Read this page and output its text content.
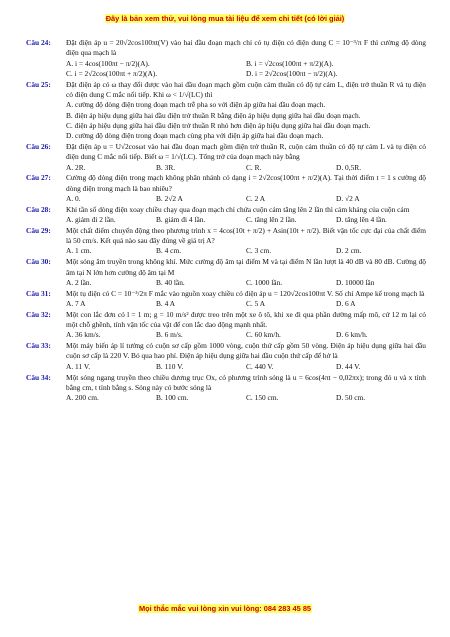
Đây là bản xem thử, vui lòng mua tài liệu để xem chi tiết (có lời giải)
Câu 24:	Đặt điện áp u = 20√2cos100πt(V) vào hai đầu đoạn mạch chỉ có tụ điện có điện dung C = 10⁻³/π F thì cường độ dòng điện qua mạch là
A. i = 4cos(100πt − π/2)(A).	B. i = √2cos(100πt + π/2)(A).
C. i = 2√2cos(100πt + π/2)(A).	D. i = 2√2cos(100πt − π/2)(A).
Câu 25:	Đặt điện áp có ω thay đổi được vào hai đầu đoạn mạch gồm cuộn cảm thuần có độ tự cảm L, điện trở thuần R và tụ điện có điện dung C mắc nối tiếp. Khi ω < 1/√(LC) thì
A. cường độ dòng điện trong đoạn mạch trễ pha so với điện áp giữa hai đầu đoạn mạch.
B. điện áp hiệu dụng giữa hai đầu điện trở thuần R bằng điện áp hiệu dụng giữa hai đầu đoạn mạch.
C. điện áp hiệu dụng giữa hai đầu điện trở thuần R nhỏ hơn điện áp hiệu dụng giữa hai đầu đoạn mạch.
D. cường độ dòng điện trong đoạn mạch cùng pha với điện áp giữa hai đầu đoạn mạch.
Câu 26:	Đặt điện áp u = U√2cosωt vào hai đầu đoạn mạch gồm điện trở thuần R, cuộn cảm thuần có độ tự cảm L và tụ điện có điện dung C mắc nối tiếp. Biết ω = 1/√(LC). Tổng trở của đoạn mạch này bằng
A. 2R.	B. 3R.	C. R.	D. 0,5R.
Câu 27:	Cường độ dòng điện trong mạch không phân nhánh có dạng i = 2√2cos(100πt + π/2)(A). Tại thời điểm t = 1 s cường độ dòng điện trong mạch là bao nhiêu?
A. 0.	B. 2√2 A	C. 2 A	D. √2 A
Câu 28:	Khi tần số dòng điện xoay chiều chạy qua đoạn mạch chỉ chứa cuộn cảm tăng lên 2 lần thì cảm kháng của cuộn cảm
A. giảm đi 2 lần.	B. giảm đi 4 lần.	C. tăng lên 2 lần.	D. tăng lên 4 lần.
Câu 29:	Một chất điểm chuyển động theo phương trình x = 4cos(10t + π/2) + Asin(10t + π/2). Biết vận tốc cực đại của chất điểm là 50 cm/s. Kết quả nào sau đây đúng về giá trị A?
A. 1 cm.	B. 4 cm.	C. 3 cm.	D. 2 cm.
Câu 30:	Một sóng âm truyền trong không khí. Mức cường độ âm tại điểm M và tại điểm N lần lượt là 40 dB và 80 dB. Cường độ âm tại N lớn hơn cường độ âm tại M
A. 2 lần.	B. 40 lần.	C. 1000 lần.	D. 10000 lần
Câu 31:	Một tụ điện có C = 10⁻³/2π F mắc vào nguồn xoay chiều có điện áp u = 120√2cos100πt V. Số chỉ Ampe kế trong mạch là
A. 7 A	B. 4 A	C. 5 A	D. 6 A
Câu 32:	Một con lắc đơn có l = 1 m; g = 10 m/s² được treo trên một xe ô tô, khi xe đi qua phần đường mấp mô, cứ 12 m lại có một chỗ ghềnh, tính vận tốc của vật để con lắc dao động mạnh nhất.
A. 36 km/s.	B. 6 m/s.	C. 60 km/h.	D. 6 km/h.
Câu 33:	Một máy biến áp lí tưởng có cuộn sơ cấp gồm 1000 vòng, cuộn thứ cấp gồm 50 vòng. Điện áp hiệu dụng giữa hai đầu cuộn sơ cấp là 220 V. Bỏ qua hao phí. Điện áp hiệu dụng giữa hai đầu cuộn thứ cấp để hở là
A. 11 V.	B. 110 V.	C. 440 V.	D. 44 V.
Câu 34:	Một sóng ngang truyền theo chiều dương trục Ox, có phương trình sóng là u = 6cos(4πt − 0,02πx); trong đó u và x tính bằng cm, t tính bằng s. Sóng này có bước sóng là
A. 200 cm.	B. 100 cm.	C. 150 cm.	D. 50 cm.
Mọi thắc mắc vui lòng xin vui lòng: 084 283 45 85
